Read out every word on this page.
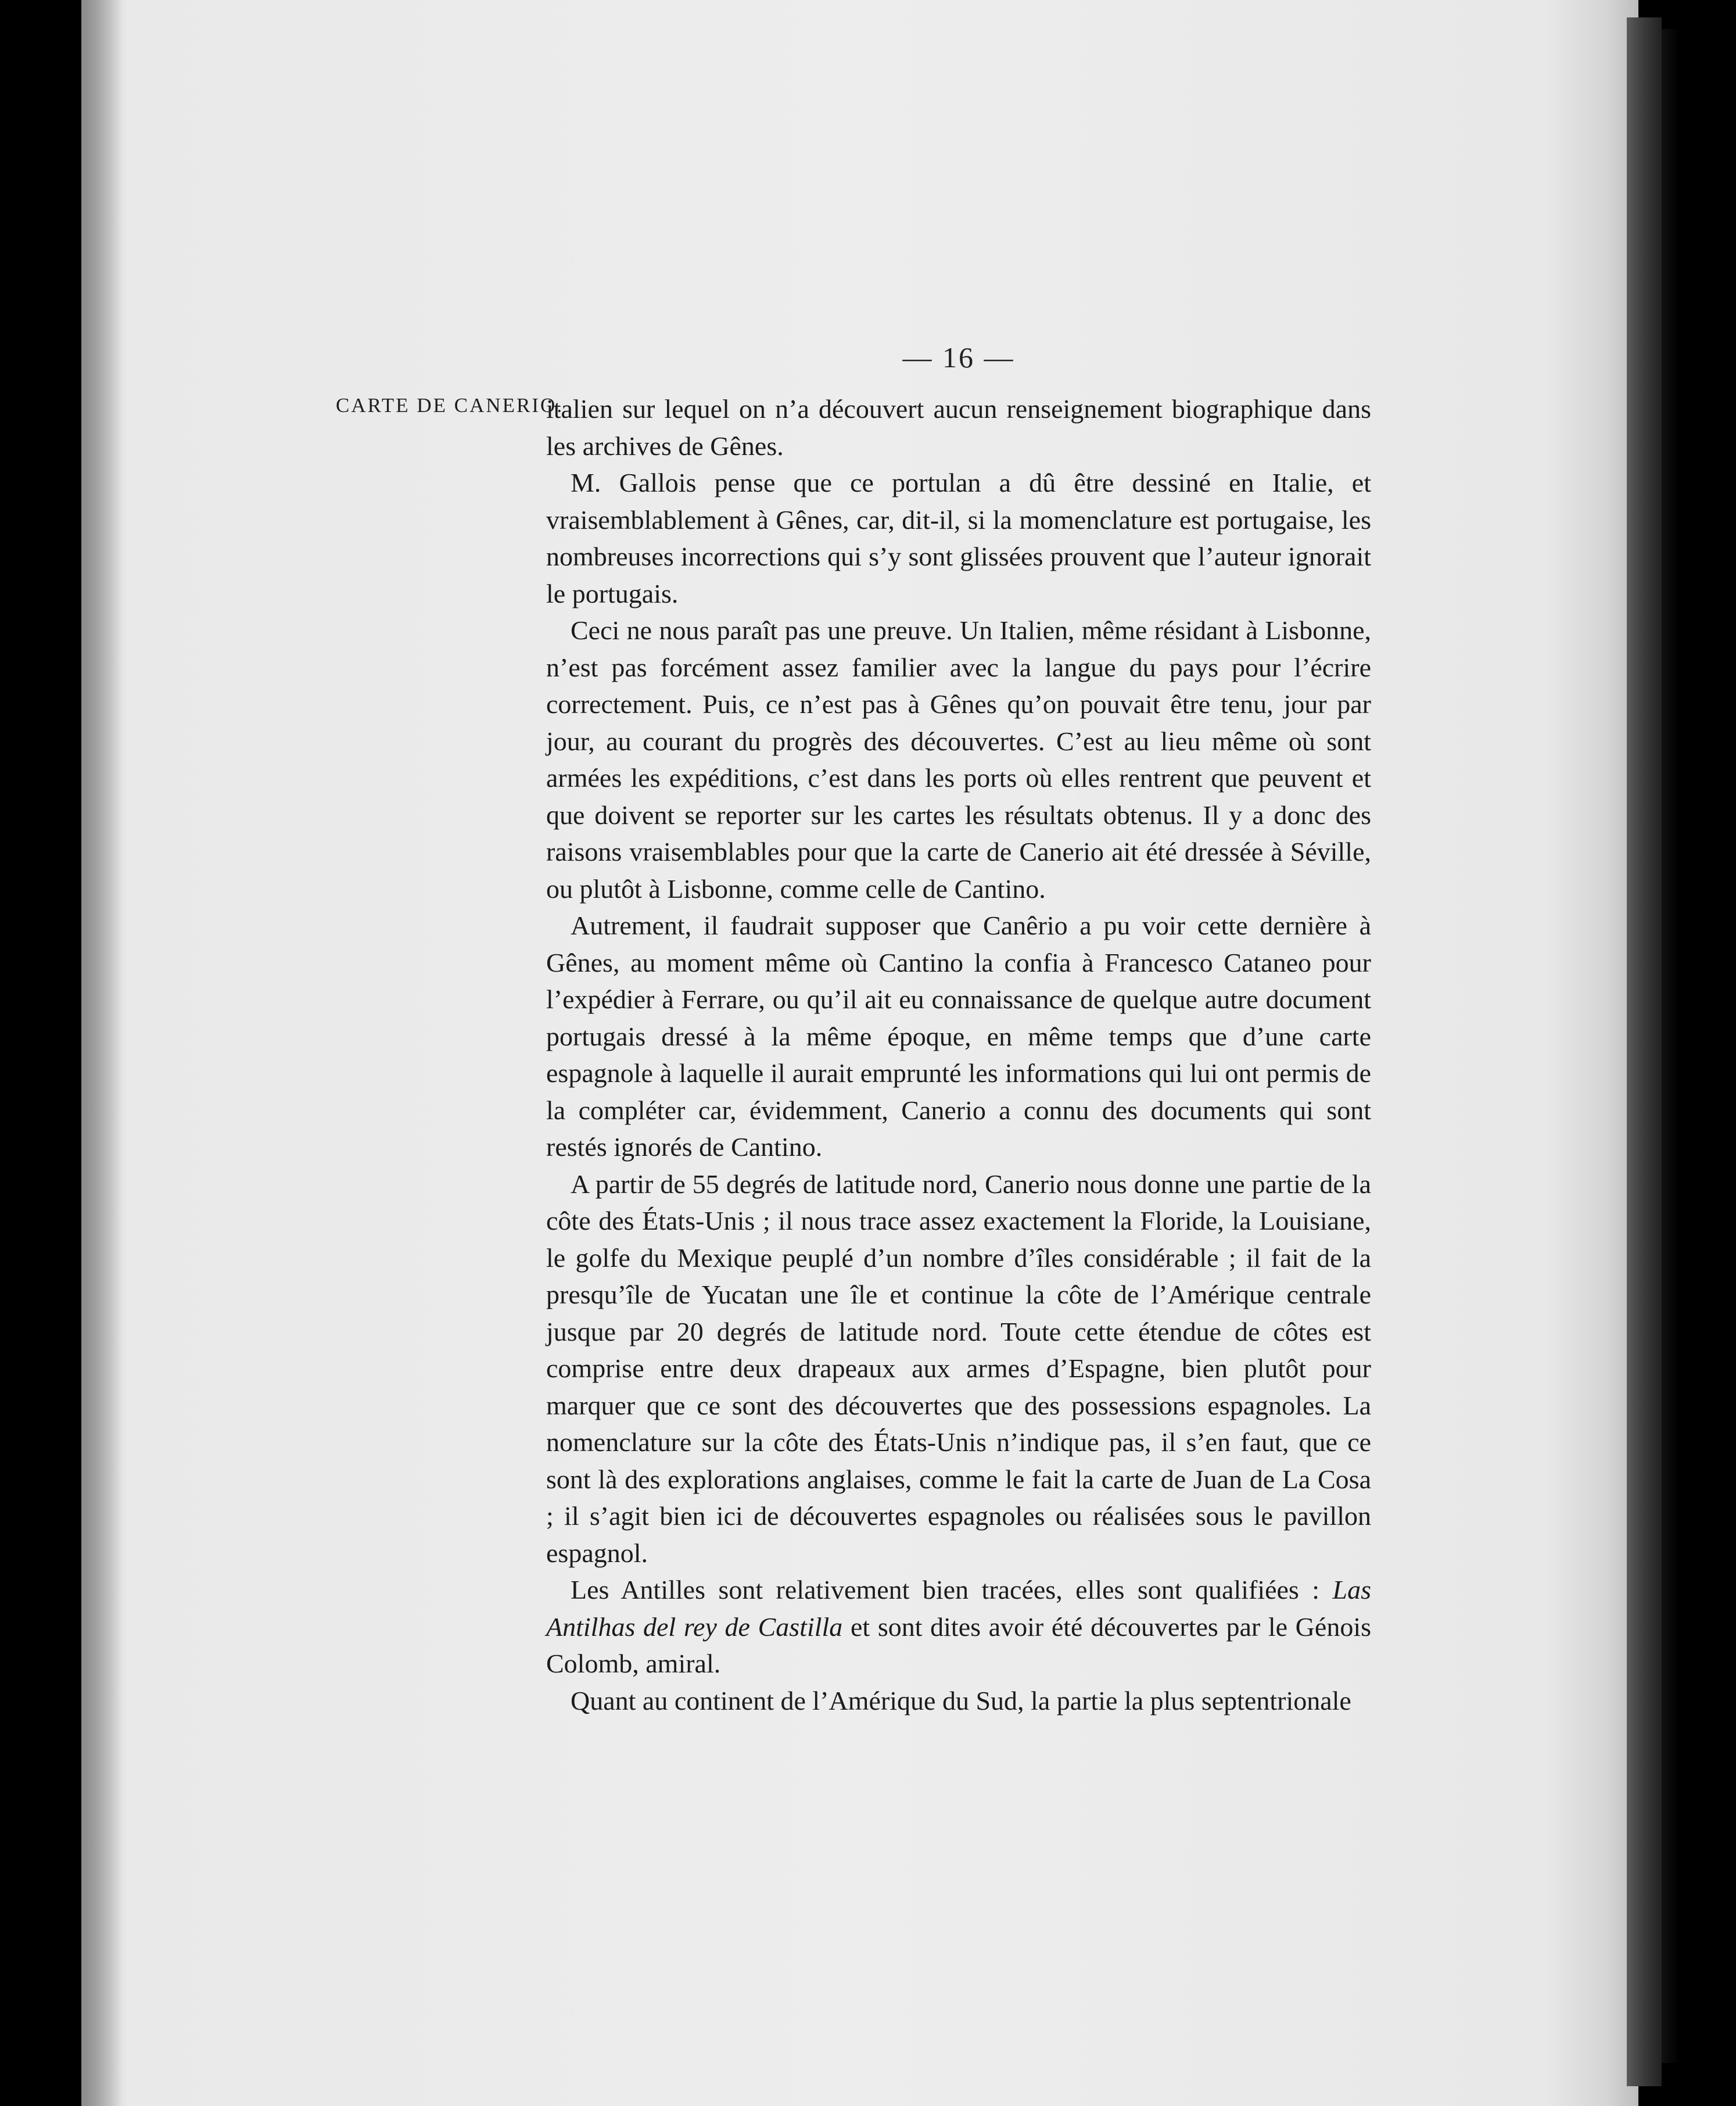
— 16 —
CARTE DE CANERIO.

italien sur lequel on n’a découvert aucun renseignement biographique dans les archives de Gênes.

M. Gallois pense que ce portulan a dû être dessiné en Italie, et vraisemblablement à Gênes, car, dit-il, si la momenclature est portugaise, les nombreuses incorrections qui s’y sont glissées prouvent que l’auteur ignorait le portugais.

Ceci ne nous paraît pas une preuve. Un Italien, même résidant à Lisbonne, n’est pas forcément assez familier avec la langue du pays pour l’écrire correctement. Puis, ce n’est pas à Gênes qu’on pouvait être tenu, jour par jour, au courant du progrès des découvertes. C’est au lieu même où sont armées les expéditions, c’est dans les ports où elles rentrent que peuvent et que doivent se reporter sur les cartes les résultats obtenus. Il y a donc des raisons vraisemblables pour que la carte de Canerio ait été dressée à Séville, ou plutôt à Lisbonne, comme celle de Cantino.

Autrement, il faudrait supposer que Canêrio a pu voir cette dernière à Gênes, au moment même où Cantino la confia à Francesco Cataneo pour l’expédier à Ferrare, ou qu’il ait eu connaissance de quelque autre document portugais dressé à la même époque, en même temps que d’une carte espagnole à laquelle il aurait emprunté les informations qui lui ont permis de la compléter car, évidemment, Canerio a connu des documents qui sont restés ignorés de Cantino.

A partir de 55 degrés de latitude nord, Canerio nous donne une partie de la côte des États-Unis ; il nous trace assez exactement la Floride, la Louisiane, le golfe du Mexique peuplé d’un nombre d’îles considérable ; il fait de la presqu’île de Yucatan une île et continue la côte de l’Amérique centrale jusque par 20 degrés de latitude nord. Toute cette étendue de côtes est comprise entre deux drapeaux aux armes d’Espagne, bien plutôt pour marquer que ce sont des découvertes que des possessions espagnoles. La nomenclature sur la côte des États-Unis n’indique pas, il s’en faut, que ce sont là des explorations anglaises, comme le fait la carte de Juan de La Cosa ; il s’agit bien ici de découvertes espagnoles ou réalisées sous le pavillon espagnol.

Les Antilles sont relativement bien tracées, elles sont qualifiées : Las Antilhas del rey de Castilla et sont dites avoir été découvertes par le Génois Colomb, amiral.

Quant au continent de l’Amérique du Sud, la partie la plus septentrionale
